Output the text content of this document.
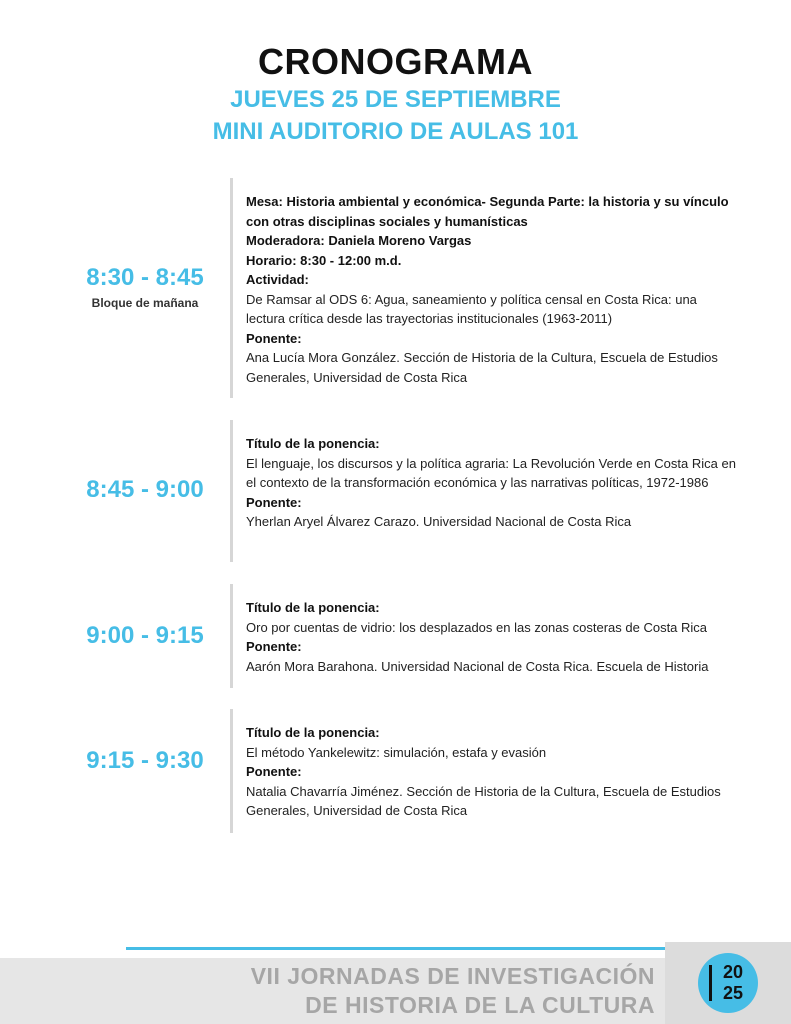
CRONOGRAMA
JUEVES 25 DE SEPTIEMBRE
MINI AUDITORIO DE AULAS 101
8:30 - 8:45
Bloque de mañana

Mesa: Historia ambiental y económica- Segunda Parte: la historia y su vínculo con otras disciplinas sociales y humanísticas

Moderadora: Daniela Moreno Vargas

Horario: 8:30 - 12:00 m.d.

Actividad:

De Ramsar al ODS 6: Agua, saneamiento y política censal en Costa Rica: una lectura crítica desde las trayectorias institucionales (1963-2011)

Ponente:

Ana Lucía Mora González. Sección de Historia de la Cultura, Escuela de Estudios Generales, Universidad de Costa Rica

8:45 - 9:00

Título de la ponencia:

El lenguaje, los discursos y la política agraria: La Revolución Verde en Costa Rica en el contexto de la transformación económica y las narrativas políticas, 1972-1986

Ponente:

Yherlan Aryel Álvarez Carazo. Universidad Nacional de Costa Rica

9:00 - 9:15

Título de la ponencia:

Oro por cuentas de vidrio: los desplazados en las zonas costeras de Costa Rica

Ponente:

Aarón Mora Barahona. Universidad Nacional de Costa Rica. Escuela de Historia

9:15 - 9:30

Título de la ponencia:

El método Yankelewitz: simulación, estafa y evasión

Ponente:

Natalia Chavarría Jiménez. Sección de Historia de la Cultura, Escuela de Estudios Generales, Universidad de Costa Rica

VII JORNADAS DE INVESTIGACIÓN
DE HISTORIA DE LA CULTURA
20
25
